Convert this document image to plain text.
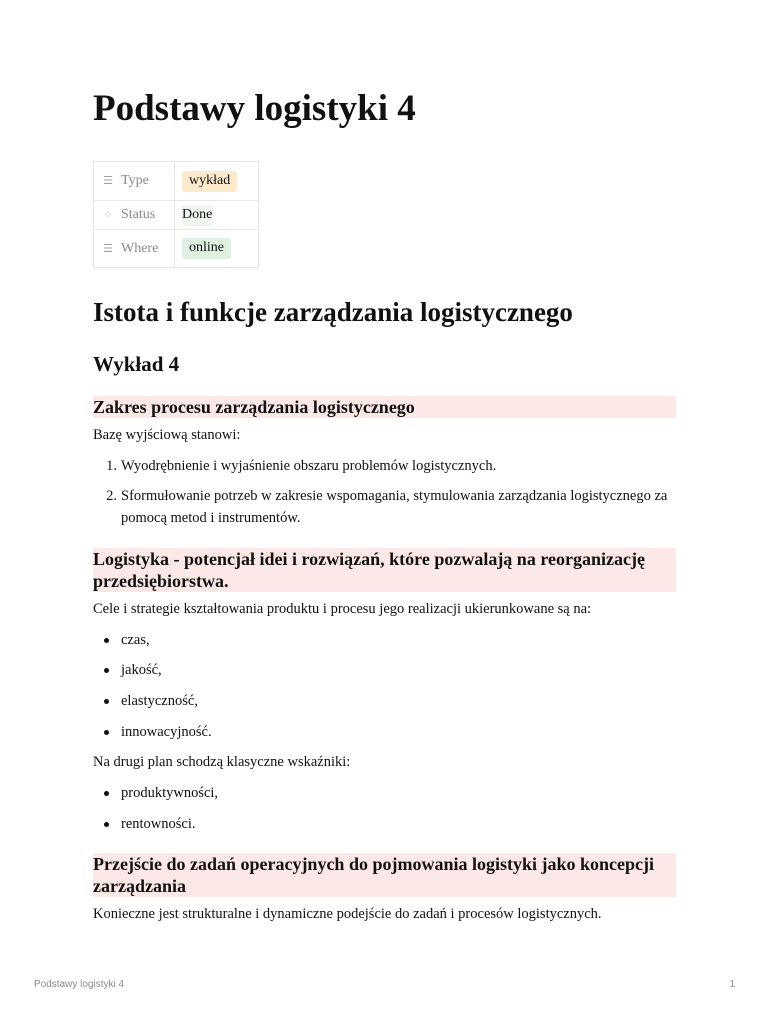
Podstawy logistyki 4
☰ Type	wykład
⁘ Status	Done
☰ Where	online
Istota i funkcje zarządzania logistycznego
Wykład 4
Zakres procesu zarządzania logistycznego

Bazę wyjściową stanowi:

1. Wyodrębnienie i wyjaśnienie obszaru problemów logistycznych.
2. Sformułowanie potrzeb w zakresie wspomagania, stymulowania zarządzania logistycznego za pomocą metod i instrumentów.
Logistyka - potencjał idei i rozwiązań, które pozwalają na reorganizację przedsiębiorstwa.

Cele i strategie kształtowania produktu i procesu jego realizacji ukierunkowane są na:

czas,
jakość,
elastyczność,
innowacyjność.

Na drugi plan schodzą klasyczne wskaźniki:

produktywności,
rentowności.
Przejście do zadań operacyjnych do pojmowania logistyki jako koncepcji zarządzania

Konieczne jest strukturalne i dynamiczne podejście do zadań i procesów logistycznych.

Podstawy logistyki 4	1
